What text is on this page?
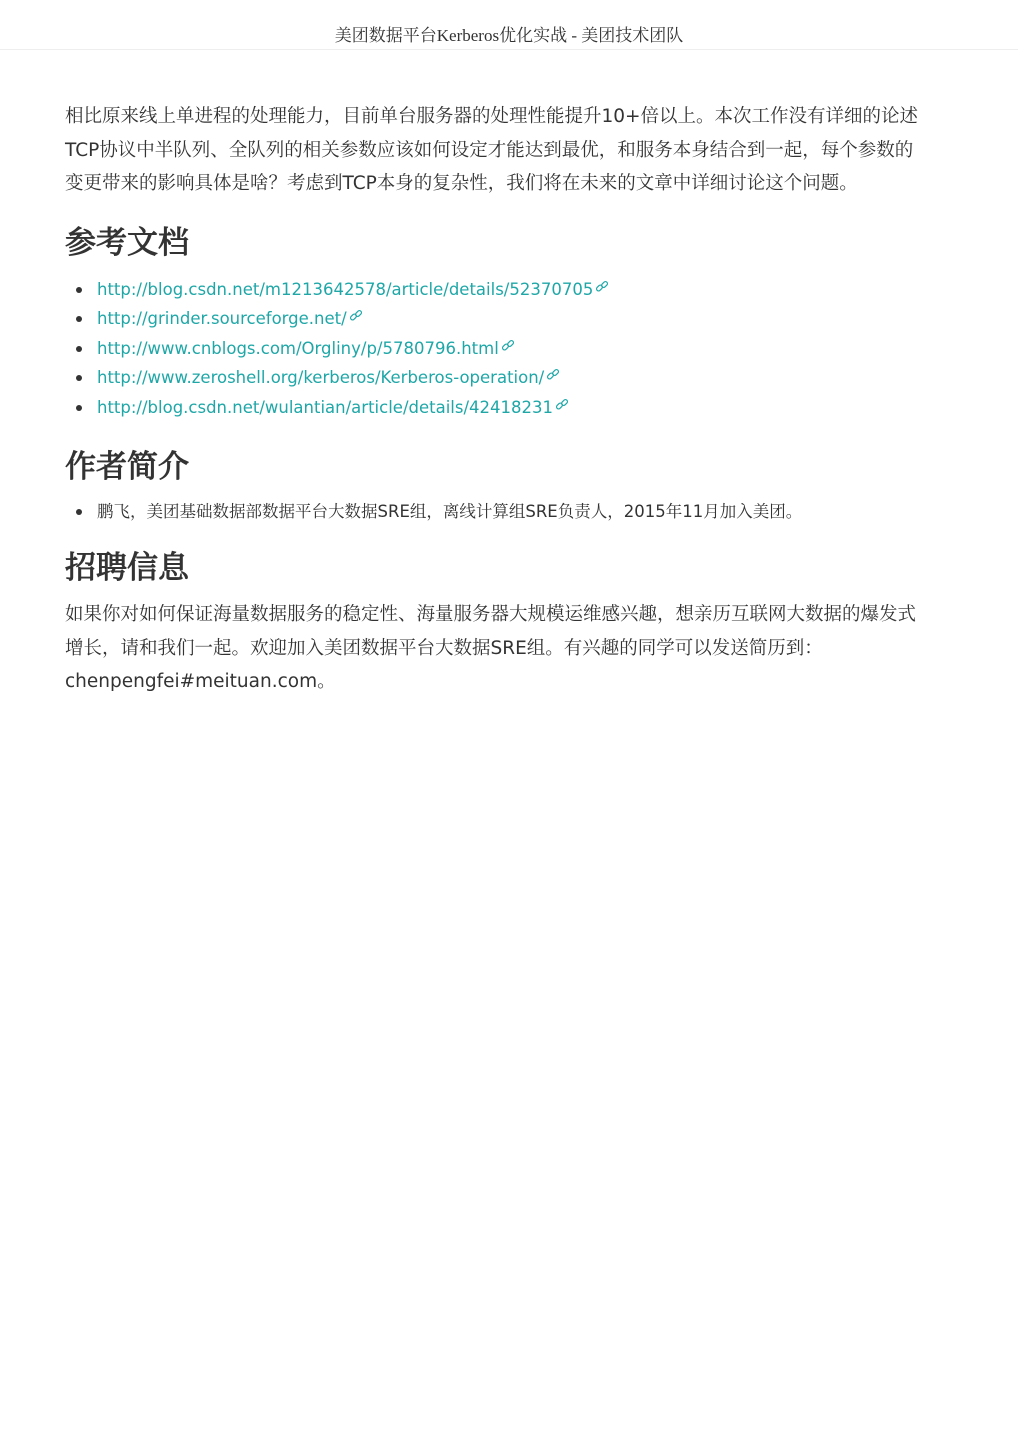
美团数据平台Kerberos优化实战 - 美团技术团队

相比原来线上单进程的处理能力，目前单台服务器的处理性能提升10+倍以上。本次工作没有详细的论述
TCP协议中半队列、全队列的相关参数应该如何设定才能达到最优，和服务本身结合到一起，每个参数的
变更带来的影响具体是啥？考虑到TCP本身的复杂性，我们将在未来的文章中详细讨论这个问题。

参考文档
http://blog.csdn.net/m1213642578/article/details/52370705
http://grinder.sourceforge.net/
http://www.cnblogs.com/Orgliny/p/5780796.html
http://www.zeroshell.org/kerberos/Kerberos-operation/
http://blog.csdn.net/wulantian/article/details/42418231
作者简介
鹏飞，美团基础数据部数据平台大数据SRE组，离线计算组SRE负责人，2015年11月加入美团。
招聘信息

如果你对如何保证海量数据服务的稳定性、海量服务器大规模运维感兴趣，想亲历互联网大数据的爆发式
增长，请和我们一起。欢迎加入美团数据平台大数据SRE组。有兴趣的同学可以发送简历到：
chenpengfei#meituan.com。
